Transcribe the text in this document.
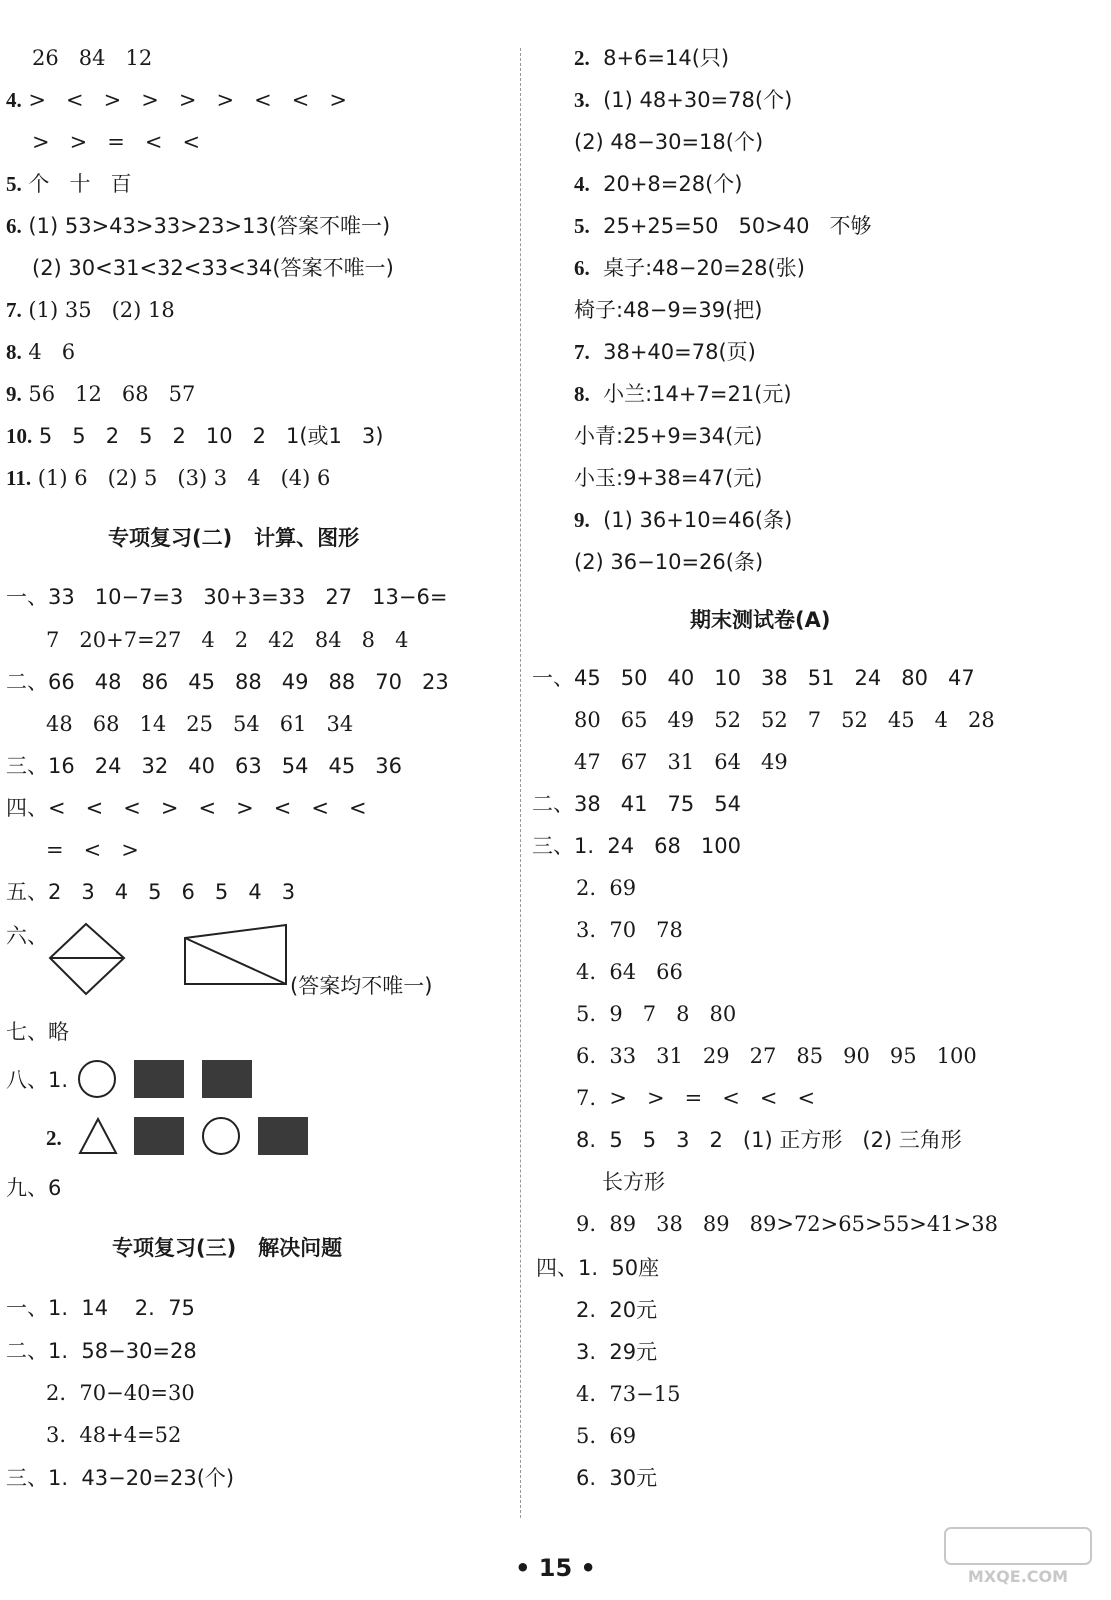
26   84   12
4. >   <   >   >   >   >   <   <   >
>   >   =   <   <
5. 个   十   百
6. (1) 53>43>33>23>13(答案不唯一)
(2) 30<31<32<33<34(答案不唯一)
7. (1) 35   (2) 18
8. 4   6
9. 56   12   68   57
10. 5   5   2   5   2   10   2   1(或1   3)
11. (1) 6   (2) 5   (3) 3   4   (4) 6
专项复习(二)   计算、图形
一、33   10−7=3   30+3=33   27   13−6=
7   20+7=27   4   2   42   84   8   4
二、66   48   86   45   88   49   88   70   23
48   68   14   25   54   61   34
三、16   24   32   40   63   54   45   36
四、<   <   <   >   <   >   <   <   <
=   <   >
五、2   3   4   5   6   5   4   3
六、
(答案均不唯一)
七、略
八、1.
2.
九、6
专项复习(三)   解决问题
一、1.  14    2.  75
二、1.  58−30=28
2.  70−40=30
3.  48+4=52
三、1.  43−20=23(个)
2.  8+6=14(只)
3.  (1) 48+30=78(个)
(2) 48−30=18(个)
4.  20+8=28(个)
5.  25+25=50   50>40   不够
6.  桌子:48−20=28(张)
椅子:48−9=39(把)
7.  38+40=78(页)
8.  小兰:14+7=21(元)
小青:25+9=34(元)
小玉:9+38=47(元)
9.  (1) 36+10=46(条)
(2) 36−10=26(条)
期末测试卷(A)
一、45   50   40   10   38   51   24   80   47
80   65   49   52   52   7   52   45   4   28
47   67   31   64   49
二、38   41   75   54
三、1.  24   68   100
2.  69
3.  70   78
4.  64   66
5.  9   7   8   80
6.  33   31   29   27   85   90   95   100
7.  >   >   =   <   <   <
8.  5   5   3   2   (1) 正方形   (2) 三角形
长方形
9.  89   38   89   89>72>65>55>41>38
四、1.  50座
2.  20元
3.  29元
4.  73−15
5.  69
6.  30元
• 15 •	MXQE.COM
